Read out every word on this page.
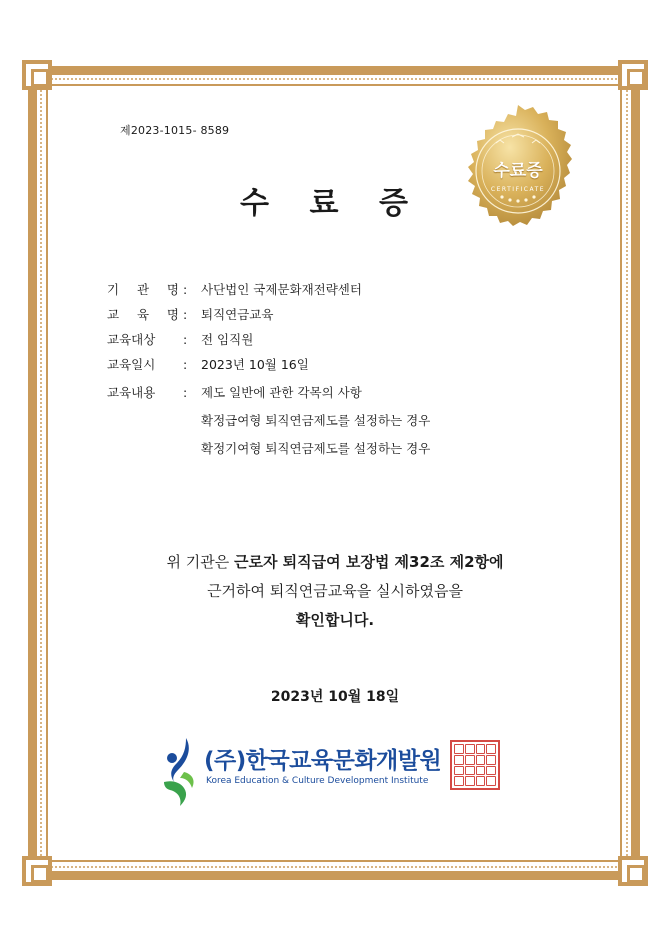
제2023-1015- 8589
수 료 증
수료증
CERTIFICATE
기 관 명 : 사단법인 국제문화재전략센터
교 육 명 : 퇴직연금교육
교육대상	: 전 임직원
교육일시	: 2023년 10월 16일
교육내용	: 제도 일반에 관한 각목의 사항
확정급여형 퇴직연금제도를 설정하는 경우
확정기여형 퇴직연금제도를 설정하는 경우
위 기관은 근로자 퇴직급여 보장법 제32조 제2항에
근거하여 퇴직연금교육을 실시하였음을
확인합니다.
2023년 10월 18일
(주)한국교육문화개발원
Korea Education & Culture Development Institute
